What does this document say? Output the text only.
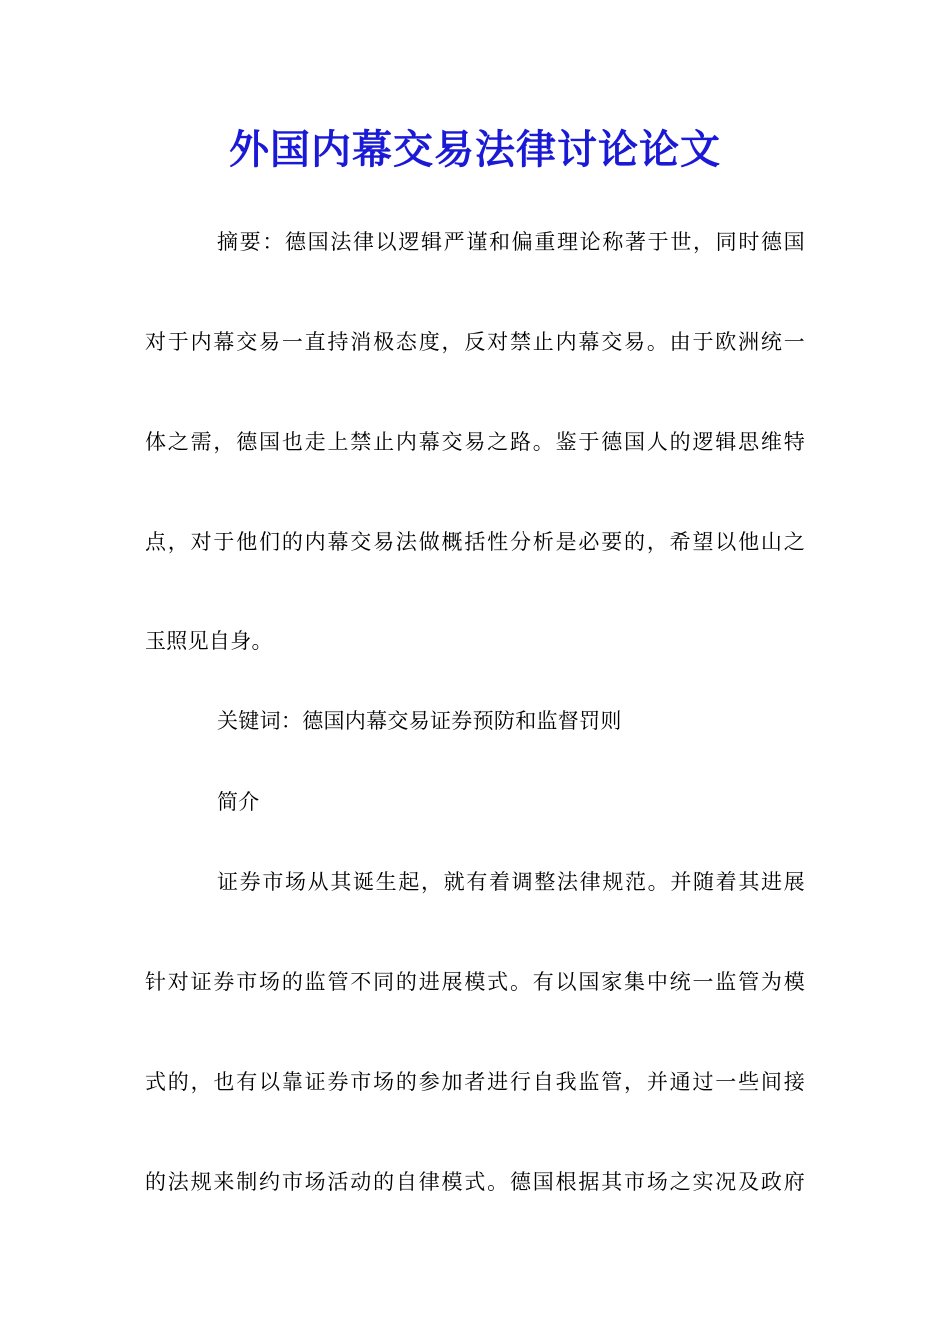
外国内幕交易法律讨论论文
摘要：德国法律以逻辑严谨和偏重理论称著于世，同时德国
对于内幕交易一直持消极态度，反对禁止内幕交易。由于欧洲统一
体之需，德国也走上禁止内幕交易之路。鉴于德国人的逻辑思维特
点，对于他们的内幕交易法做概括性分析是必要的，希望以他山之
玉照见自身。
关键词：德国内幕交易证券预防和监督罚则
简介
证券市场从其诞生起，就有着调整法律规范。并随着其进展
针对证券市场的监管不同的进展模式。有以国家集中统一监管为模
式的，也有以靠证券市场的参加者进行自我监管，并通过一些间接
的法规来制约市场活动的自律模式。德国根据其市场之实况及政府
